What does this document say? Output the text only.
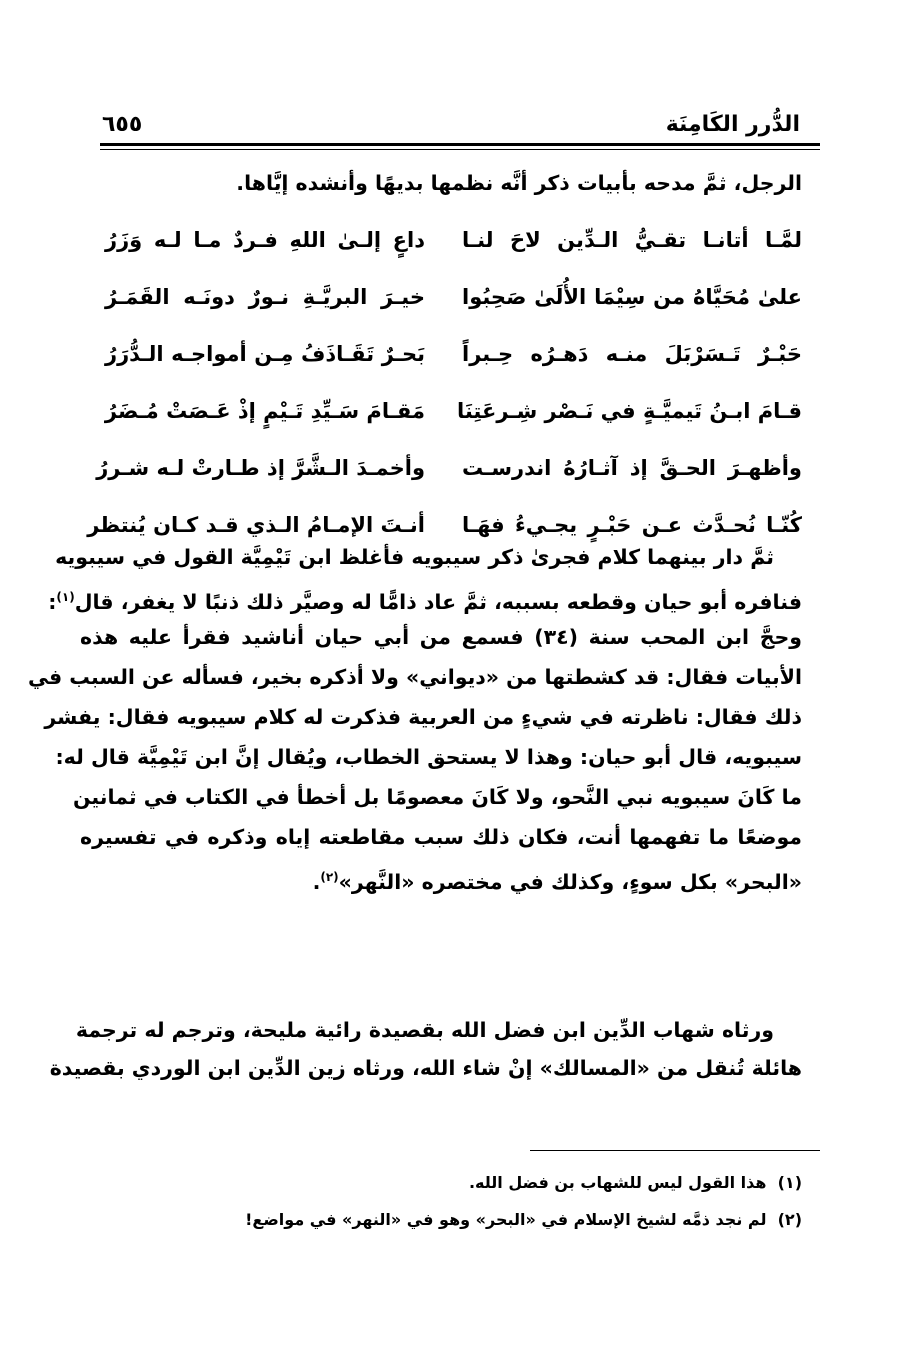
الدُّرر الكَامِنَة
٦٥٥
الرجل، ثمَّ مدحه بأبيات ذكر أنَّه نظمها بديهًا وأنشده إيَّاها.
لمَّـا أتانـا تقـيُّ الـدِّين لاحَ لنـا
داعٍ إلـىٰ اللهِ فـردٌ مـا لـه وَزَرُ
علىٰ مُحَيَّاهُ من سِيْمَا الأُلَىٰ صَحِبُوا
خيـرَ البريَّـةِ نـورٌ دونَـه القَمَـرُ
حَبْـرٌ تَـسَرْبَلَ منـه دَهـرُه حِـبراً
بَحـرٌ تَقَـاذَفُ مِـن أمواجـه الـدُّرَرُ
قـامَ ابـنُ تَيميَّـةٍ في نَـصْر شِـرعَتِنَا
مَقـامَ سَـيِّدِ تَـيْمٍ إذْ عَـصَتْ مُـضَرُ
وأظهـرَ الحـقَّ إذ آثـارُهُ اندرسـت
وأخمـدَ الـشَّرَّ إذ طـارتْ لـه شـررُ
كُنّـا نُحـدَّث عـن حَبْـرٍ يجـيءُ فهَـا
أنـتَ الإمـامُ الـذي قـد كـان يُنتظر
ثمَّ دار بينهما كلام فجرىٰ ذكر سيبويه فأغلظ ابن تَيْمِيَّة القول في سيبويه
فنافره أبو حيان وقطعه بسببه، ثمَّ عاد ذامًّا له وصيَّر ذلك ذنبًا لا يغفر، قال$^{(١)}$:
وحجَّ ابن المحب سنة (٣٤) فسمع من أبي حيان أناشيد فقرأ عليه هذه
الأبيات فقال: قد كشطتها من «ديواني» ولا أذكره بخير، فسأله عن السبب في
ذلك فقال: ناظرته في شيءٍ من العربية فذكرت له كلام سيبويه فقال: يفشر
سيبويه، قال أبو حيان: وهذا لا يستحق الخطاب، ويُقال إنَّ ابن تَيْمِيَّة قال له:
ما كَانَ سيبويه نبي النَّحو، ولا كَانَ معصومًا بل أخطأ في الكتاب في ثمانين
موضعًا ما تفهمها أنت، فكان ذلك سبب مقاطعته إياه وذكره في تفسيره
«البحر» بكل سوءٍ، وكذلك في مختصره «النَّهر»$^{(٢)}$.
ورثاه شهاب الدِّين ابن فضل الله بقصيدة رائية مليحة، وترجم له ترجمة
هائلة تُنقل من «المسالك» إنْ شاء الله، ورثاه زين الدِّين ابن الوردي بقصيدة
(١)  هذا القول ليس للشهاب بن فضل الله.
(٢)  لم نجد ذمَّه لشيخ الإسلام في «البحر» وهو في «النهر» في مواضع!
